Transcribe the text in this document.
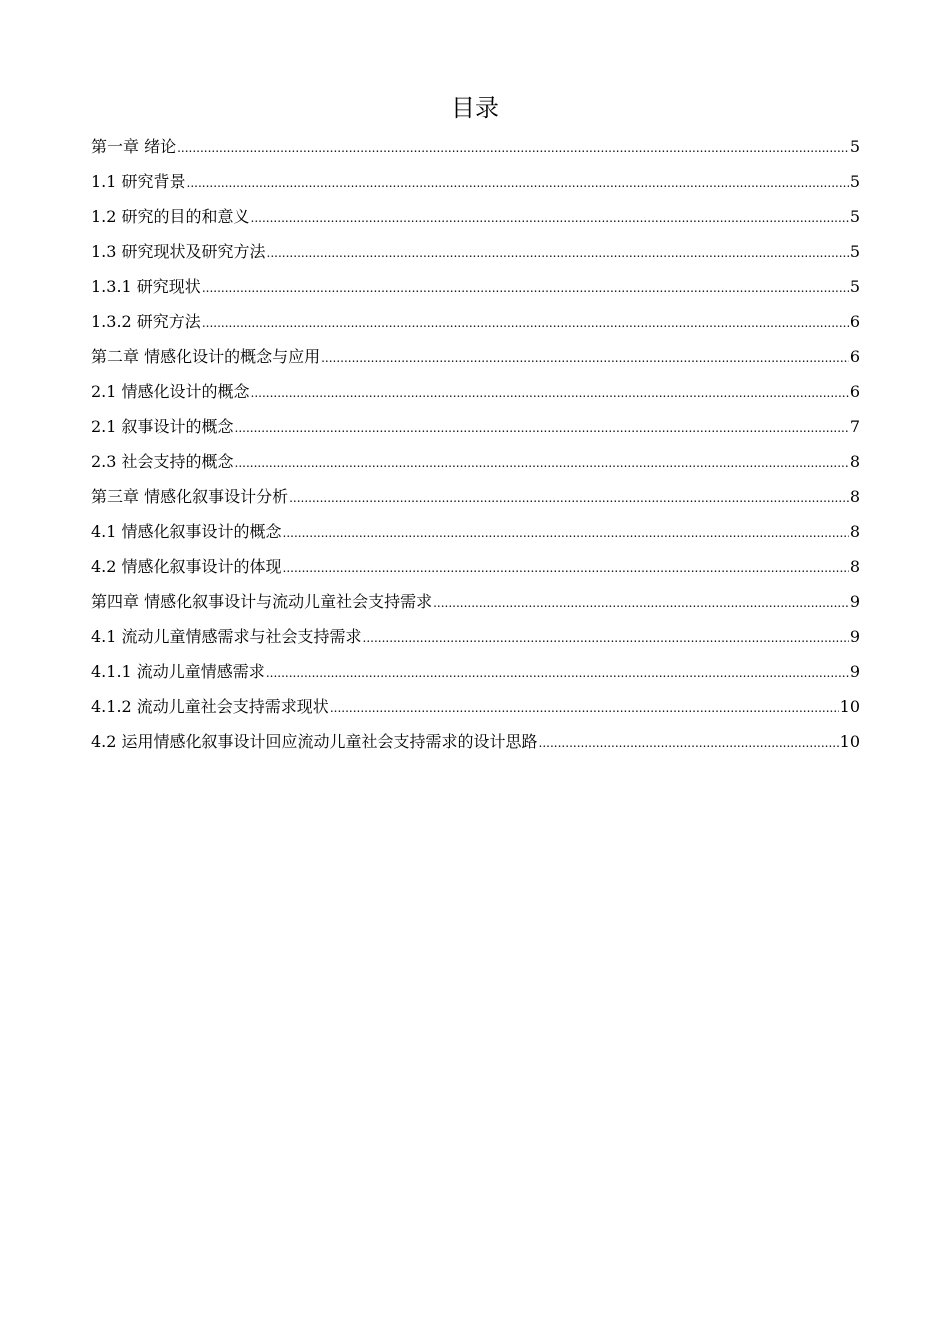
目录
第一章 绪论 .....	5
1.1 研究背景 .....	5
1.2 研究的目的和意义 .....	5
1.3 研究现状及研究方法 .....	5
1.3.1 研究现状 .....	5
1.3.2 研究方法 .....	6
第二章 情感化设计的概念与应用 .....	6
2.1 情感化设计的概念 .....	6
2.1 叙事设计的概念 .....	7
2.3 社会支持的概念 .....	8
第三章 情感化叙事设计分析 .....	8
4.1 情感化叙事设计的概念 .....	8
4.2 情感化叙事设计的体现 .....	8
第四章 情感化叙事设计与流动儿童社会支持需求 .....	9
4.1 流动儿童情感需求与社会支持需求 .....	9
4.1.1 流动儿童情感需求 .....	9
4.1.2 流动儿童社会支持需求现状 .....	10
4.2 运用情感化叙事设计回应流动儿童社会支持需求的设计思路 .....	10
